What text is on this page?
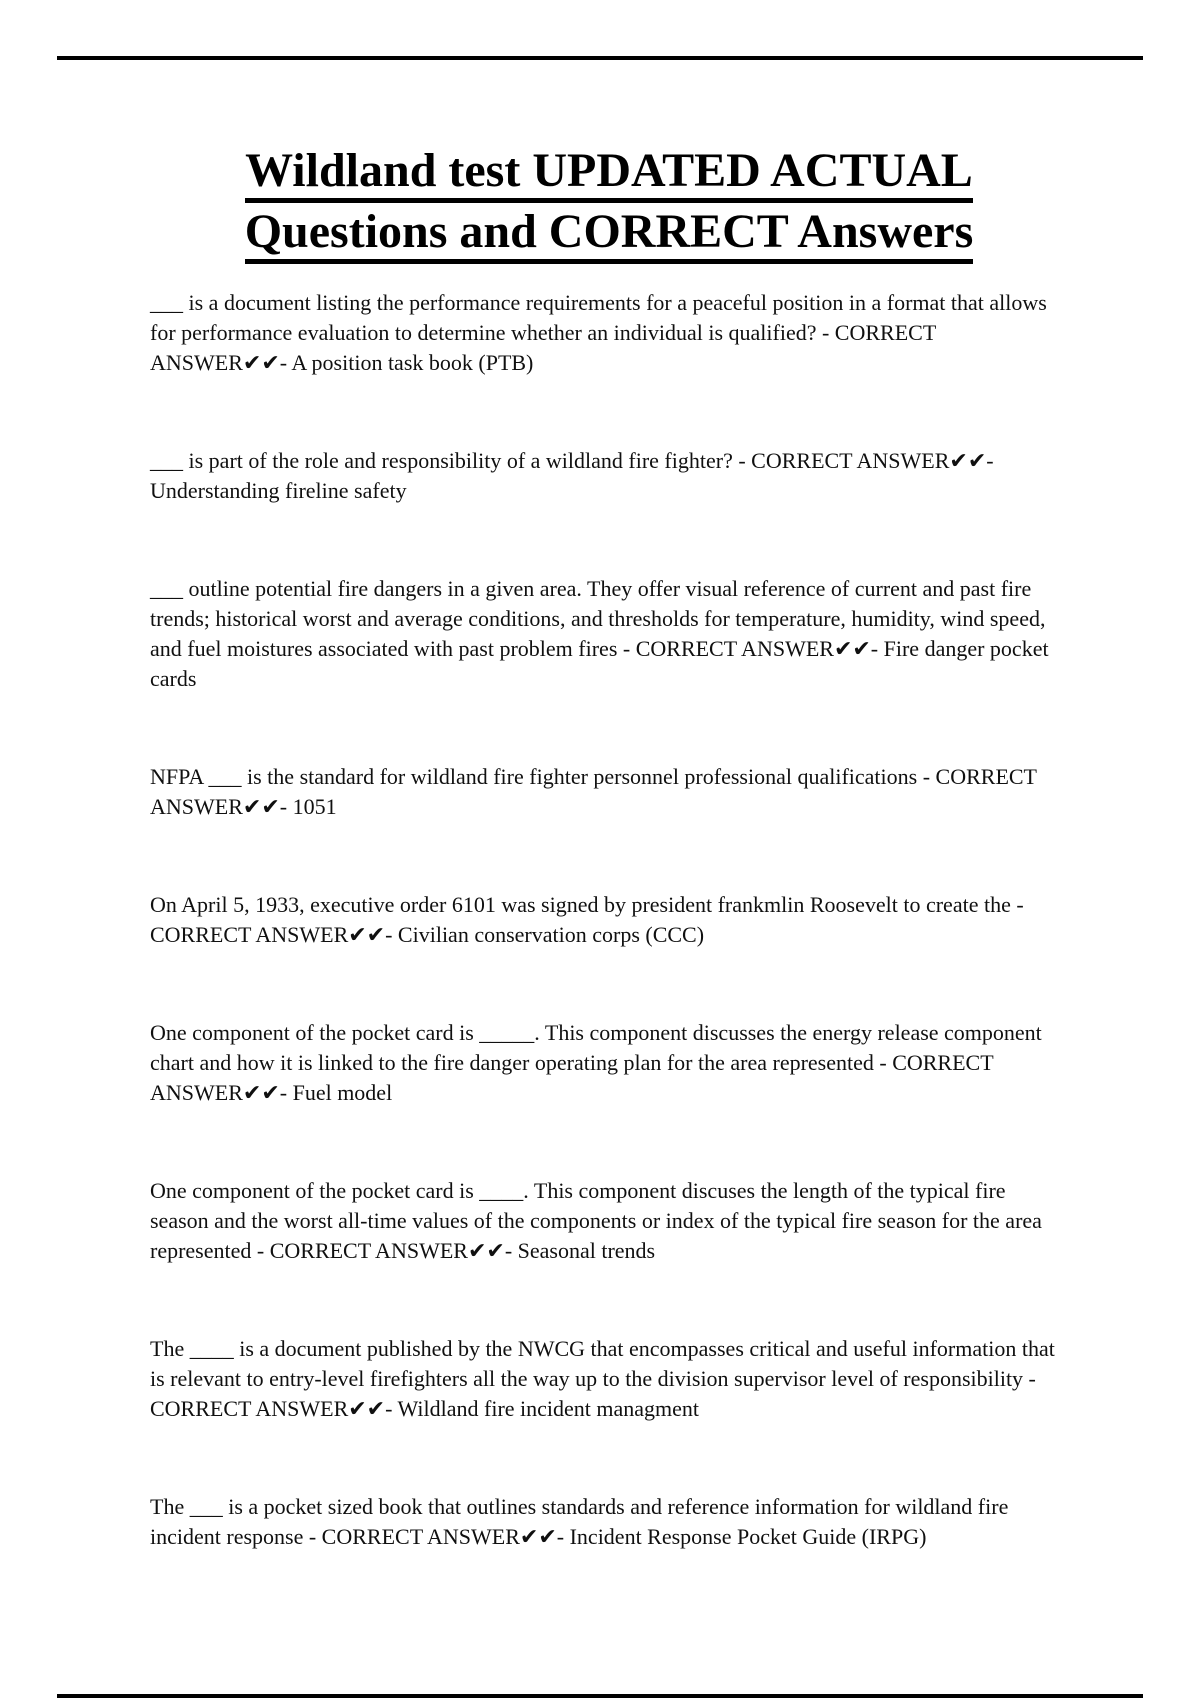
Wildland test UPDATED ACTUAL
Questions and CORRECT Answers

___ is a document listing the performance requirements for a peaceful position in a format that allows for performance evaluation to determine whether an individual is qualified? - CORRECT ANSWER✔✔- A position task book (PTB)

___ is part of the role and responsibility of a wildland fire fighter? - CORRECT ANSWER✔✔- Understanding fireline safety

___ outline potential fire dangers in a given area. They offer visual reference of current and past fire trends; historical worst and average conditions, and thresholds for temperature, humidity, wind speed, and fuel moistures associated with past problem fires - CORRECT ANSWER✔✔- Fire danger pocket cards

NFPA ___ is the standard for wildland fire fighter personnel professional qualifications - CORRECT ANSWER✔✔- 1051

On April 5, 1933, executive order 6101 was signed by president frankmlin Roosevelt to create the - CORRECT ANSWER✔✔- Civilian conservation corps (CCC)

One component of the pocket card is _____. This component discusses the energy release component chart and how it is linked to the fire danger operating plan for the area represented - CORRECT ANSWER✔✔- Fuel model

One component of the pocket card is ____. This component discuses the length of the typical fire season and the worst all-time values of the components or index of the typical fire season for the area represented - CORRECT ANSWER✔✔- Seasonal trends

The ____ is a document published by the NWCG that encompasses critical and useful information that is relevant to entry-level firefighters all the way up to the division supervisor level of responsibility - CORRECT ANSWER✔✔- Wildland fire incident managment

The ___ is a pocket sized book that outlines standards and reference information for wildland fire incident response - CORRECT ANSWER✔✔- Incident Response Pocket Guide (IRPG)
